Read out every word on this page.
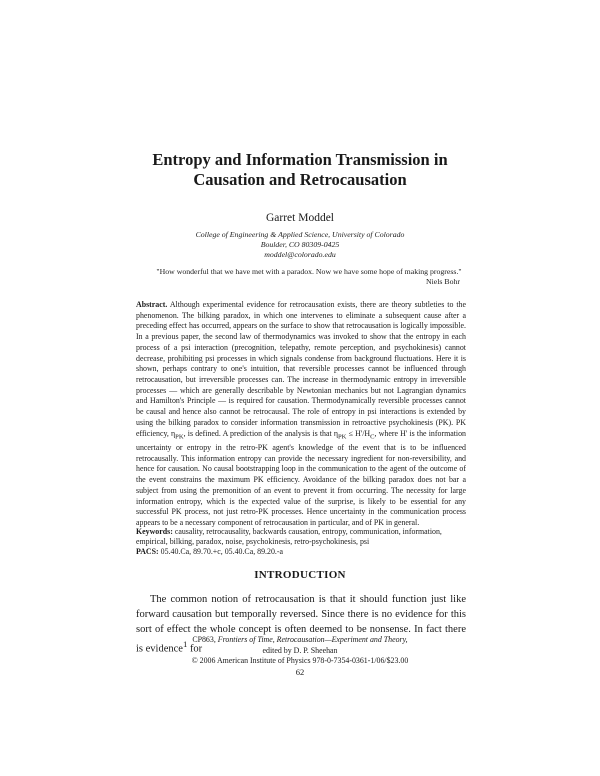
Entropy and Information Transmission in
Causation and Retrocausation
Garret Moddel
College of Engineering & Applied Science, University of Colorado
Boulder, CO 80309-0425
moddel@colorado.edu
"How wonderful that we have met with a paradox. Now we have some hope of making progress."
Niels Bohr
Abstract. Although experimental evidence for retrocausation exists, there are theory subtleties to the phenomenon. The bilking paradox, in which one intervenes to eliminate a subsequent cause after a preceding effect has occurred, appears on the surface to show that retrocausation is logically impossible. In a previous paper, the second law of thermodynamics was invoked to show that the entropy in each process of a psi interaction (precognition, telepathy, remote perception, and psychokinesis) cannot decrease, prohibiting psi processes in which signals condense from background fluctuations. Here it is shown, perhaps contrary to one's intuition, that reversible processes cannot be influenced through retrocausation, but irreversible processes can. The increase in thermodynamic entropy in irreversible processes — which are generally describable by Newtonian mechanics but not Lagrangian dynamics and Hamilton's Principle — is required for causation. Thermodynamically reversible processes cannot be causal and hence also cannot be retrocausal. The role of entropy in psi interactions is extended by using the bilking paradox to consider information transmission in retroactive psychokinesis (PK). PK efficiency, $\eta_{PK}$, is defined. A prediction of the analysis is that $\eta_{PK} \le H'/H_C$, where H' is the information uncertainty or entropy in the retro-PK agent's knowledge of the event that is to be influenced retrocausally. This information entropy can provide the necessary ingredient for non-reversibility, and hence for causation. No causal bootstrapping loop in the communication to the agent of the outcome of the event constrains the maximum PK efficiency. Avoidance of the bilking paradox does not bar a subject from using the premonition of an event to prevent it from occurring. The necessity for large information entropy, which is the expected value of the surprise, is likely to be essential for any successful PK process, not just retro-PK processes. Hence uncertainty in the communication process appears to be a necessary component of retrocausation in particular, and of PK in general.
Keywords: causality, retrocausality, backwards causation, entropy, communication, information, empirical, bilking, paradox, noise, psychokinesis, retro-psychokinesis, psi
PACS: 05.40.Ca, 89.70.+c, 05.40.Ca, 89.20.-a
INTRODUCTION
The common notion of retrocausation is that it should function just like forward causation but temporally reversed. Since there is no evidence for this sort of effect the whole concept is often deemed to be nonsense. In fact there is evidence$^1$ for
CP863, Frontiers of Time, Retrocausation—Experiment and Theory,
edited by D. P. Sheehan
© 2006 American Institute of Physics 978-0-7354-0361-1/06/$23.00
62
